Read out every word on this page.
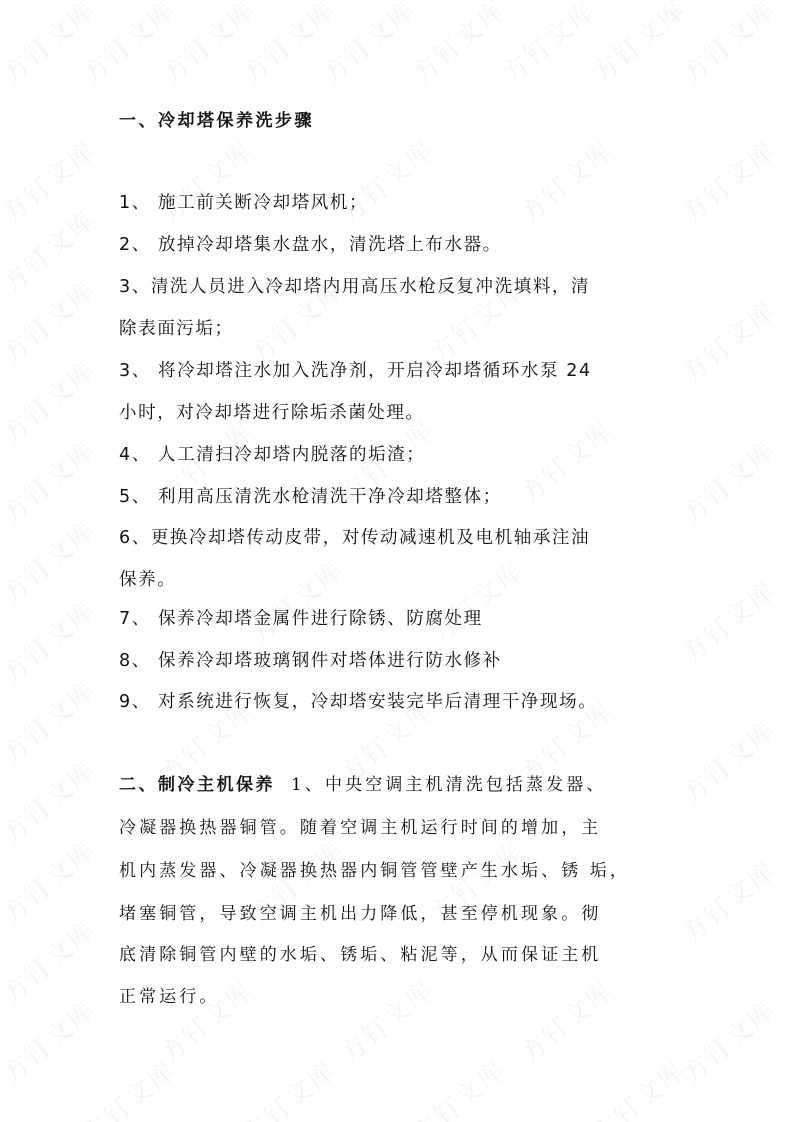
一、冷却塔保养洗步骤
1、 施工前关断冷却塔风机；
2、 放掉冷却塔集水盘水，清洗塔上布水器。
3、清洗人员进入冷却塔内用高压水枪反复冲洗填料，清
除表面污垢；
3、 将冷却塔注水加入洗净剂，开启冷却塔循环水泵 24
小时，对冷却塔进行除垢杀菌处理。
4、 人工清扫冷却塔内脱落的垢渣；
5、 利用高压清洗水枪清洗干净冷却塔整体；
6、更换冷却塔传动皮带，对传动减速机及电机轴承注油
保养。
7、 保养冷却塔金属件进行除锈、防腐处理
8、 保养冷却塔玻璃钢件对塔体进行防水修补
9、 对系统进行恢复，冷却塔安装完毕后清理干净现场。
二、制冷主机保养 1、中央空调主机清洗包括蒸发器、
冷凝器换热器铜管。随着空调主机运行时间的增加，主
机内蒸发器、冷凝器换热器内铜管管壁产生水垢、锈 垢，
堵塞铜管，导致空调主机出力降低，甚至停机现象。彻
底清除铜管内壁的水垢、锈垢、粘泥等，从而保证主机
正常运行。
